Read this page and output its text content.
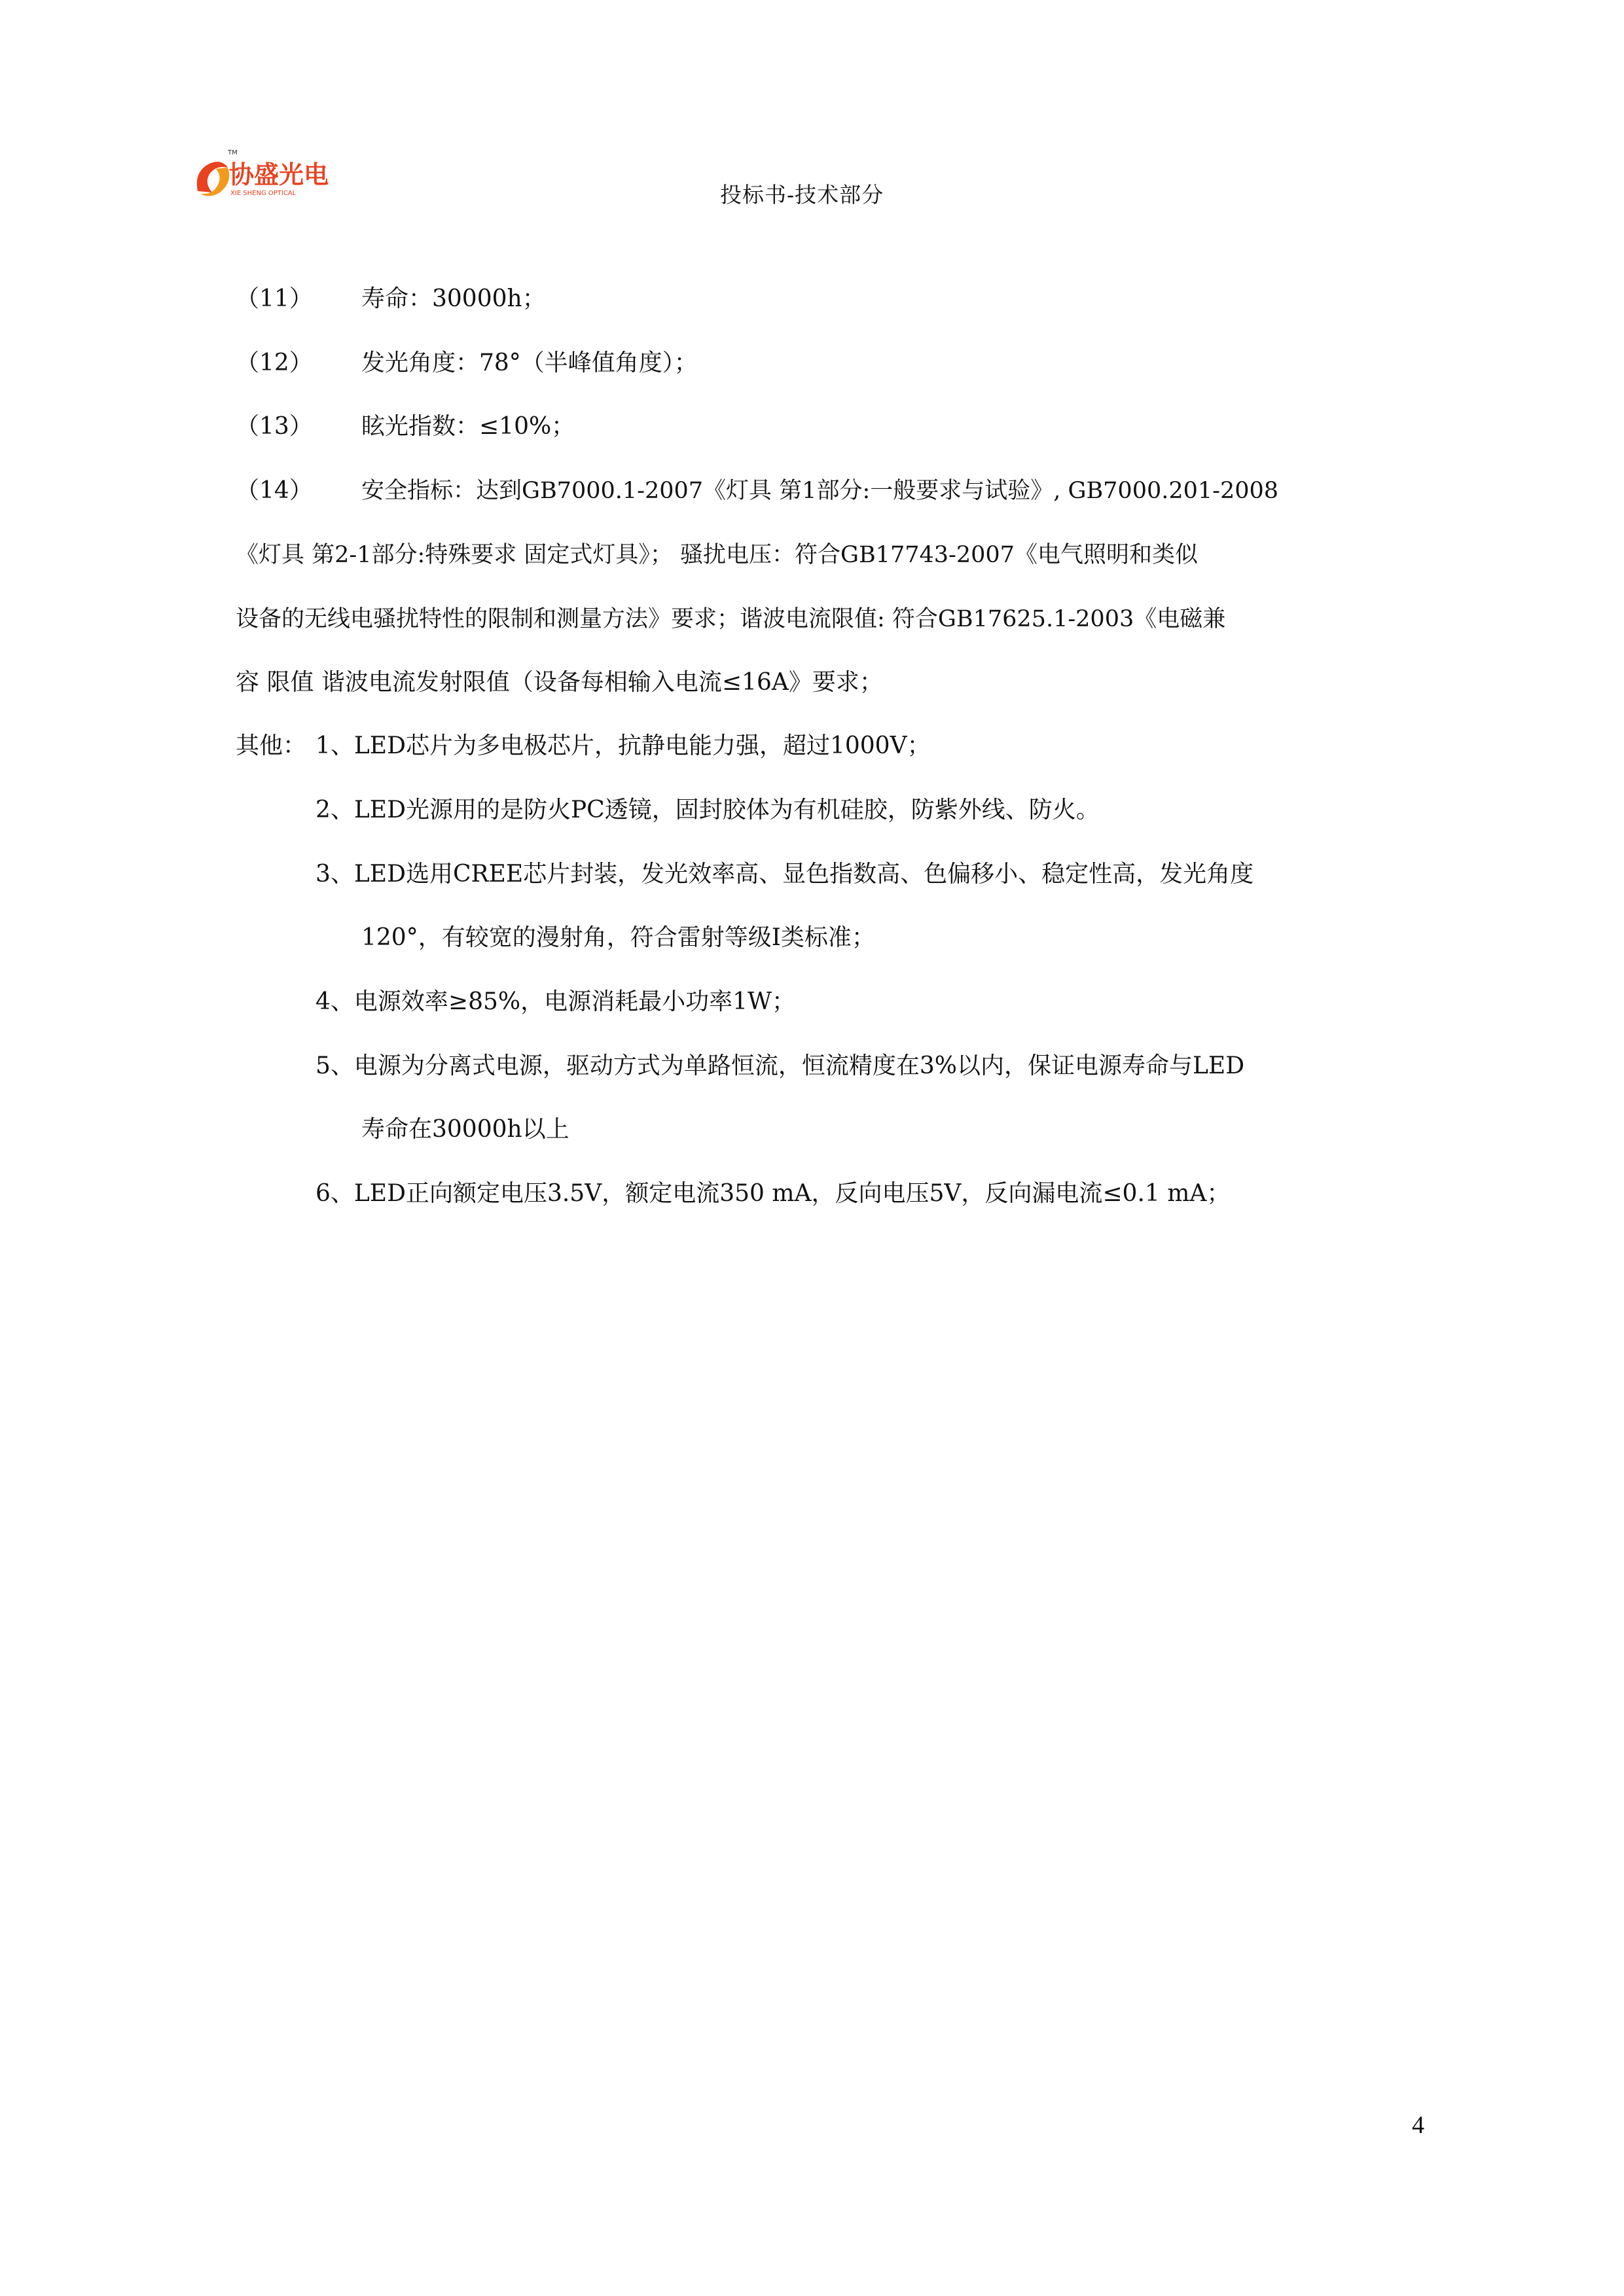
协盛光电
XIE SHENG OPTICAL
TM
投标书-技术部分
（11） 寿命：30000h；
（12） 发光角度：78°（半峰值角度）；
（13） 眩光指数：≤10%；
（14） 安全指标：达到GB7000.1-2007《灯具 第1部分:一般要求与试验》, GB7000.201-2008
《灯具 第2-1部分:特殊要求 固定式灯具》； 骚扰电压：符合GB17743-2007《电气照明和类似
设备的无线电骚扰特性的限制和测量方法》要求；谐波电流限值: 符合GB17625.1-2003《电磁兼
容 限值 谐波电流发射限值（设备每相输入电流≤16A》要求；
其他： 1、LED芯片为多电极芯片，抗静电能力强，超过1000V；
2、LED光源用的是防火PC透镜，固封胶体为有机硅胶，防紫外线、防火。
3、LED选用CREE芯片封装，发光效率高、显色指数高、色偏移小、稳定性高，发光角度
120°，有较宽的漫射角，符合雷射等级I类标准；
4、电源效率≥85%，电源消耗最小功率1W；
5、电源为分离式电源，驱动方式为单路恒流，恒流精度在3%以内，保证电源寿命与LED
寿命在30000h以上
6、LED正向额定电压3.5V，额定电流350 mA，反向电压5V，反向漏电流≤0.1 mA；
4
